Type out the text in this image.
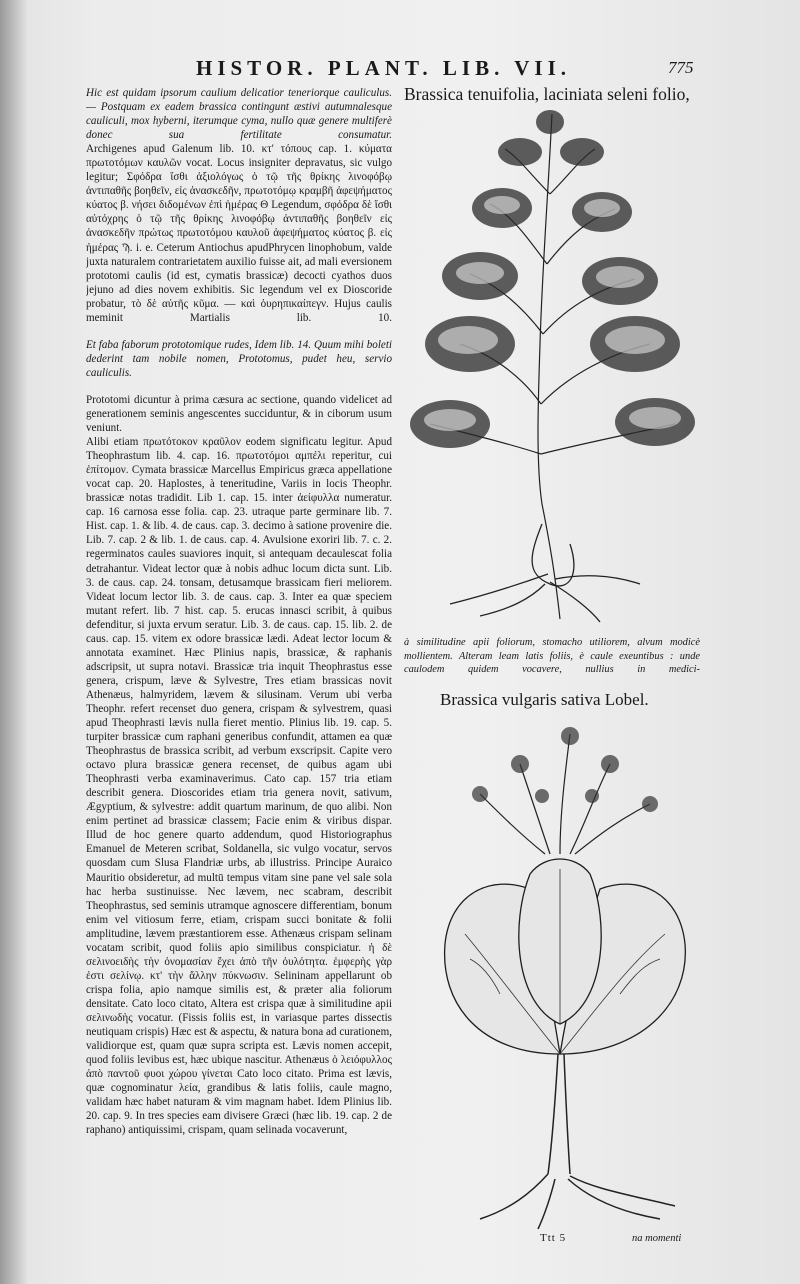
HISTOR. PLANT. LIB. VII.	775

Hic est quidam ipsorum caulium delicatior teneriorque cauliculus. — Postquam ex eadem brassica contingunt æstivi autumnalesque cauliculi, mox hyberni, iterumque cyma, nullo quæ genere multiferè donec sua fertilitate consumatur.

Archigenes apud Galenum lib. 10. κτ' τόπους cap. 1. κύματα πρωτοτόμων καυλῶν vocat. Locus insigniter depravatus, sic vulgo legitur; Σφόδρα ἴσθι ἀξιολόγως ὁ τῷ τῆς θρίκης λινοφόβῳ ἀντιπαθῆς βοηθεῖν, εἰς ἀνασκεδῆν, πρωτοτόμῳ κραμβῆ ἀφεψήματος κύατος β. νήσει διδομένων ἐπὶ ἡμέρας Θ Legendum, σφόδρα δὲ ἴσθι αὐτόχρης ὁ τῷ τῆς θρίκης λινοφόβῳ ἀντιπαθῆς βοηθεῖν εἰς ἀνασκεδῆν πρώτως πρωτοτόμου καυλοῦ ἀφεψήματος κύατος β. εἰς ἡμέρας Ϡ. i. e. Ceterum Antiochus apudPhrycen linophobum, valde juxta naturalem contrarietatem auxilio fuisse ait, ad mali eversionem prototomi caulis (id est, cymatis brassicæ) decocti cyathos duos jejuno ad dies novem exhibitis. Sic legendum vel ex Dioscoride probatur, τὸ δὲ αὐτῆς κῦμα. — καὶ ὀυρηπικαίπεγν. Hujus caulis meminit Martialis lib. 10.

Et faba faborum prototomique rudes, Idem lib. 14. Quum mihi boleti dederint tam nobile nomen, Prototomus, pudet heu, servio cauliculis.

Prototomi dicuntur à prima cæsura ac sectione, quando videlicet ad generationem seminis angescentes succiduntur, & in ciborum usum veniunt.

Alibi etiam πρωτότοκον κραῦλον eodem significatu legitur. Apud Theophrastum lib. 4. cap. 16. πρωτοτόμοι αμπέλι reperitur, cui ἐπίτομον. Cymata brassicæ Marcellus Empiricus græca appellatione vocat cap. 20. Haplostes, à teneritudine, Variis in locis Theophr. brassicæ notas tradidit. Lib 1. cap. 15. inter ἀείφυλλα numeratur. cap. 16 carnosa esse folia. cap. 23. utraque parte germinare lib. 7. Hist. cap. 1. & lib. 4. de caus. cap. 3. decimo à satione provenire die. Lib. 7. cap. 2 & lib. 1. de caus. cap. 4. Avulsione exoriri lib. 7. c. 2. regerminatos caules suaviores inquit, si antequam decaulescat folia detrahantur. Videat lector quæ à nobis adhuc locum dicta sunt. Lib. 3. de caus. cap. 24. tonsam, detusamque brassicam fieri meliorem. Videat locum lector lib. 3. de caus. cap. 3. Inter ea quæ speciem mutant refert. lib. 7 hist. cap. 5. erucas innasci scribit, à quibus defenditur, si juxta ervum seratur. Lib. 3. de caus. cap. 15. lib. 2. de caus. cap. 15. vitem ex odore brassicæ lædi. Adeat lector locum & annotata examinet. Hæc Plinius napis, brassicæ, & raphanis adscripsit, ut supra notavi. Brassicæ tria inquit Theophrastus esse genera, crispum, læve & Sylvestre, Tres etiam brassicas novit Athenæus, halmyridem, lævem & silusinam. Verum ubi verba Theophr. refert recenset duo genera, crispam & sylvestrem, quasi apud Theophrasti lævis nulla fieret mentio. Plinius lib. 19. cap. 5. turpiter brassicæ cum raphani generibus confundit, attamen ea quæ Theophrastus de brassica scribit, ad verbum exscripsit. Capite vero octavo plura brassicæ genera recenset, de quibus agam ubi Theophrasti verba examinaverimus. Cato cap. 157 tria etiam describit genera. Dioscorides etiam tria genera novit, sativum, Ægyptium, & sylvestre: addit quartum marinum, de quo alibi. Non enim pertinet ad brassicæ classem; Facie enim & viribus dispar. Illud de hoc genere quarto addendum, quod Historiographus Emanuel de Meteren scribat, Soldanella, sic vulgo vocatur, servos quosdam cum Slusa Flandriæ urbs, ab illustriss. Principe Auraico Mauritio obsideretur, ad multū tempus vitam sine pane vel sale sola hac herba sustinuisse. Nec lævem, nec scabram, describit Theophrastus, sed seminis utramque agnoscere differentiam, bonum enim vel vitiosum ferre, etiam, crispam succi bonitate & folii amplitudine, lævem præstantiorem esse. Athenæus crispam selinam vocatam scribit, quod foliis apio similibus conspiciatur. ἡ δὲ σελινοειδὴς τὴν ὀνομασίαν ἔχει ἀπὸ τῆν ὀυλότητα. ἐμφερὴς γὰρ ἐστι σελίνῳ. κτ' τὴν ἄλλην πύκνωσιν. Selininam appellarunt ob crispa folia, apio namque similis est, & præter alia foliorum densitate. Cato loco citato, Altera est crispa quæ à similitudine apii σελινωδὴς vocatur. (Fissis foliis est, in variasque partes dissectis neutiquam crispis) Hæc est & aspectu, & natura bona ad curationem, validiorque est, quam quæ supra scripta est. Lævis nomen accepit, quod foliis levibus est, hæc ubique nascitur. Athenæus ὁ λειόφυλλος ἀπὸ παντοῦ φυοι χώρου γίνεται Cato loco citato. Prima est lævis, quæ cognominatur λεία, grandibus & latis foliis, caule magno, validam hæc habet naturam & vim magnam habet. Idem Plinius lib. 20. cap. 9. In tres species eam divisere Græci (hæc lib. 19. cap. 2 de raphano) antiquissimi, crispam, quam selinada vocaverunt,

Brassica tenuifolia, laciniata seleni folio,

à similitudine apii foliorum, stomacho utiliorem, alvum modicè mollientem. Alteram leam latis foliis, è caule exeuntibus : unde caulodem quidem vocavere, nullius in medici-

Brassica vulgaris sativa Lobel.
Ttt 5	na momenti
